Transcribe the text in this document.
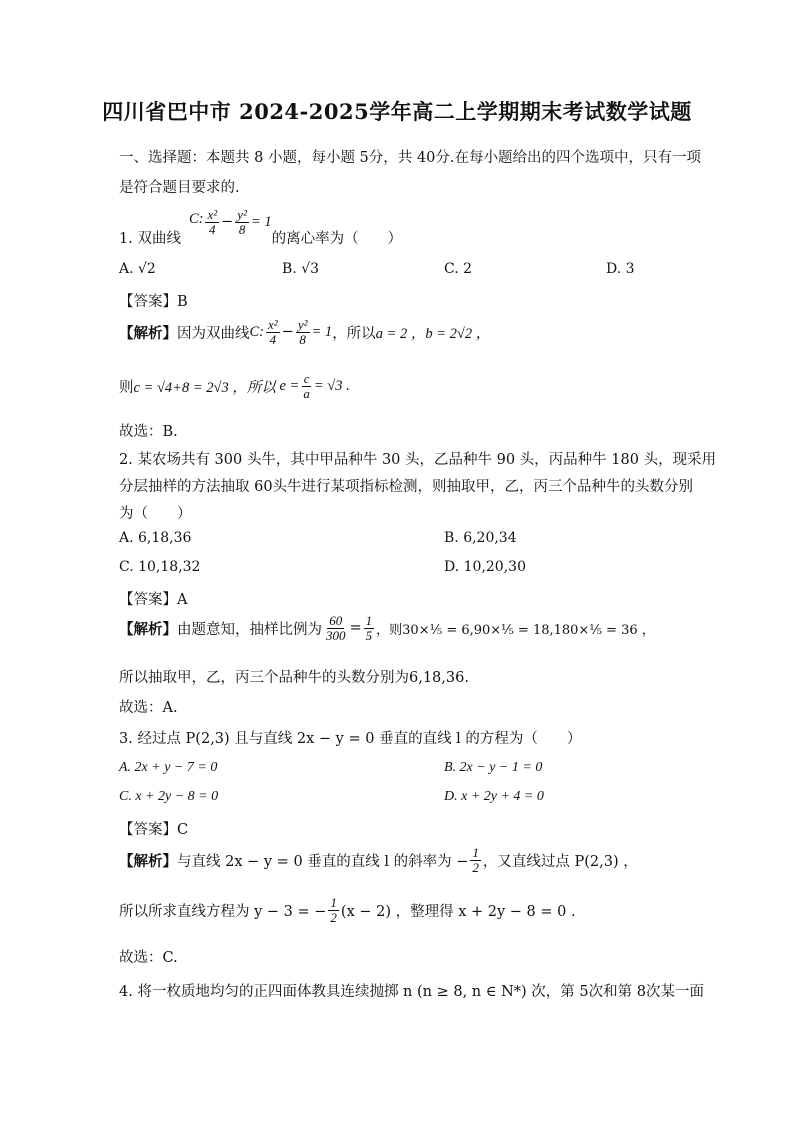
四川省巴中市 2024-2025学年高二上学期期末考试数学试题
一、选择题：本题共 8 小题，每小题 5分，共 40分.在每小题给出的四个选项中，只有一项
是符合题目要求的.
1. 双曲线
C : $\frac{\text{x²}}{4} - \frac{\text{y²}}{8} = 1$
的离心率为（　　）
A. √2	B. √3	C. 2	D. 3
【答案】B
【解析】 因为双曲线 C : $\frac{\text{x²}}{4} - \frac{\text{y²}}{8} = 1$ ，所以 a = 2 ，b = 2√2 ，
则 c = √4+8 = 2√3 ，所以 $e = \frac{c}{a} = √3$ .
故选：B.
2. 某农场共有 300 头牛，其中甲品种牛 30 头，乙品种牛 90 头，丙品种牛 180 头，现采用
分层抽样的方法抽取 60头牛进行某项指标检测，则抽取甲，乙，丙三个品种牛的头数分别
为（　　）
A. 6,18,36	B. 6,20,34
C. 10,18,32	D. 10,20,30
【答案】A
【解析】 由题意知，抽样比例为 $\frac{60}{300} = \frac{1}{5}$ ，则30×⅕ = 6,90×⅕ = 18,180×⅕ = 36 ，
所以抽取甲，乙，丙三个品种牛的头数分别为6,18,36.
故选：A.
3. 经过点 P(2,3) 且与直线 2x − y = 0 垂直的直线 l 的方程为（　　）
A. 2x + y − 7 = 0	B. 2x − y − 1 = 0
C. x + 2y − 8 = 0	D. x + 2y + 4 = 0
【答案】C
【解析】 与直线 2x − y = 0 垂直的直线 l 的斜率为 − $\frac{1}{2}$ ，又直线过点 P(2,3) ，
所以所求直线方程为 y − 3 = − $\frac{1}{2} (x - 2)$ ，整理得 x + 2y − 8 = 0 .
故选：C.
4. 将一枚质地均匀的正四面体教具连续抛掷 n (n ≥ 8, n ∈ N*) 次，第 5次和第 8次某一面
